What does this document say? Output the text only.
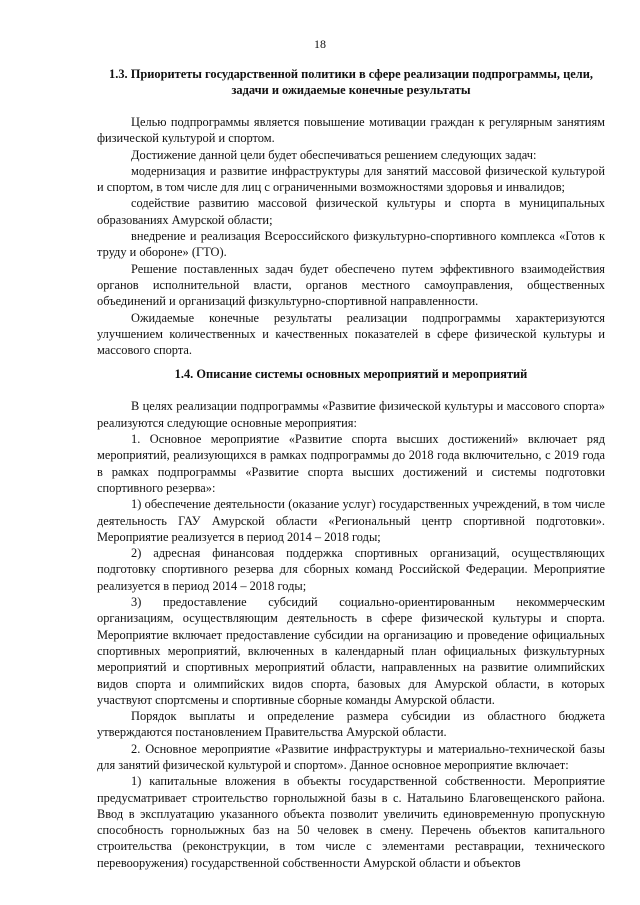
18
1.3. Приоритеты государственной политики в сфере реализации подпрограммы, цели, задачи и ожидаемые конечные результаты

Целью подпрограммы является повышение мотивации граждан к регулярным занятиям физической культурой и спортом.

Достижение данной цели будет обеспечиваться решением следующих задач:

модернизация и развитие инфраструктуры для занятий массовой физической культурой и спортом, в том числе для лиц с ограниченными возможностями здоровья и инвалидов;

содействие развитию массовой физической культуры и спорта в муниципальных образованиях Амурской области;

внедрение и реализация Всероссийского физкультурно-спортивного комплекса «Готов к труду и обороне» (ГТО).

Решение поставленных задач будет обеспечено путем эффективного взаимодействия органов исполнительной власти, органов местного самоуправления, общественных объединений и организаций физкультурно-спортивной направленности.

Ожидаемые конечные результаты реализации подпрограммы характеризуются улучшением количественных и качественных показателей в сфере физической культуры и массового спорта.

1.4. Описание системы основных мероприятий и мероприятий

В целях реализации подпрограммы «Развитие физической культуры и массового спорта» реализуются следующие основные мероприятия:

1. Основное мероприятие «Развитие спорта высших достижений» включает ряд мероприятий, реализующихся в рамках подпрограммы до 2018 года включительно, с 2019 года в рамках подпрограммы «Развитие спорта высших достижений и системы подготовки спортивного резерва»:

1) обеспечение деятельности (оказание услуг) государственных учреждений, в том числе деятельность ГАУ Амурской области «Региональный центр спортивной подготовки». Мероприятие реализуется в период 2014 – 2018 годы;

2) адресная финансовая поддержка спортивных организаций, осуществляющих подготовку спортивного резерва для сборных команд Российской Федерации. Мероприятие реализуется в период 2014 – 2018 годы;

3) предоставление субсидий социально-ориентированным некоммерческим организациям, осуществляющим деятельность в сфере физической культуры и спорта. Мероприятие включает предоставление субсидии на организацию и проведение официальных спортивных мероприятий, включенных в календарный план официальных физкультурных мероприятий и спортивных мероприятий области, направленных на развитие олимпийских видов спорта и олимпийских видов спорта, базовых для Амурской области, в которых участвуют спортсмены и спортивные сборные команды Амурской области.

Порядок выплаты и определение размера субсидии из областного бюджета утверждаются постановлением Правительства Амурской области.

2. Основное мероприятие «Развитие инфраструктуры и материально-технической базы для занятий физической культурой и спортом». Данное основное мероприятие включает:

1) капитальные вложения в объекты государственной собственности. Мероприятие предусматривает строительство горнолыжной базы в с. Натальино Благовещенского района. Ввод в эксплуатацию указанного объекта позволит увеличить единовременную пропускную способность горнолыжных баз на 50 человек в смену. Перечень объектов капитального строительства (реконструкции, в том числе с элементами реставрации, технического перевооружения) государственной собственности Амурской области и объектов
